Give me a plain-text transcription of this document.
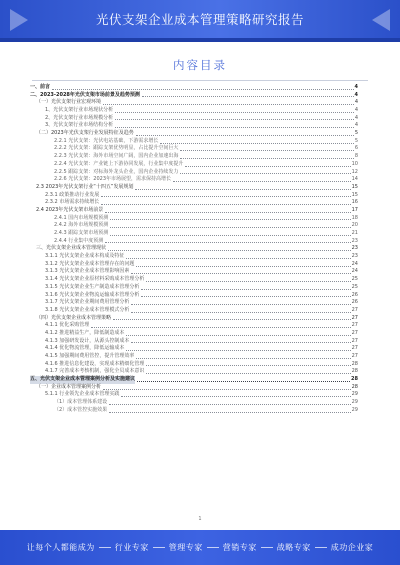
光伏支架企业成本管理策略研究报告
内容目录
一、前言	4
二、2023-2028年光伏支架市场前景及趋势预测	4
（一）光伏支架行业宏观环境	4
1、光伏支架行业市场现状分析	4
2、光伏支架行业市场规模分析	4
3、光伏支架行业市场结构分析	4
（二）2023年光伏支架行业发展特征及趋势	5
2.2.1 光伏支架：光伏电站基础，下游需求增长	5
2.2.2 光伏支架：跟踪支架优势明显，占比提升空间巨大	6
2.2.3 光伏支架：海外市场空间广阔，国内企业加速出海	8
2.2.4 光伏支架：产业链上下游协同发展，行业集中度提升	10
2.2.5 跟踪支架：对标海外龙头企业，国内企业持续发力	12
2.2.6 光伏支架：2023年市场展望，需求保持高增长	14
2.3 2023年光伏支架行业“十四五”发展规划	15
2.3.1 政策推动行业发展	15
2.3.2 市场需求持续增长	16
2.4 2023年光伏支架市场前景	17
2.4.1 国内市场规模预测	18
2.4.2 海外市场规模预测	20
2.4.3 跟踪支架市场预测	21
2.4.4 行业集中度预测	23
三、光伏支架企业成本管理现状	23
3.1.1 光伏支架企业成本构成及特征	23
3.1.2 光伏支架企业成本管理存在的问题	24
3.1.3 光伏支架企业成本管理影响因素	24
3.1.4 光伏支架企业原材料采购成本管理分析	25
3.1.5 光伏支架企业生产制造成本管理分析	25
3.1.6 光伏支架企业物流运输成本管理分析	26
3.1.7 光伏支架企业期间费用管理分析	26
3.1.8 光伏支架企业成本管理模式分析	27
（四）光伏支架企业成本管理策略	27
4.1.1 优化采购管理	27
4.1.2 推进精益生产，降低制造成本	27
4.1.3 加强研发设计，从源头控制成本	27
4.1.4 优化物流管理，降低运输成本	27
4.1.5 加强期间费用管控，提升管理效率	27
4.1.6 推进信息化建设，实现成本精细化管理	28
4.1.7 完善成本考核机制，强化全员成本意识	28
五、光伏支架企业成本管理案例分析及实施建议	28
（一）企业成本管理案例分析	28
5.1.1 行业领先企业成本管理实践	29
（1）成本管理体系建设	29
（2）成本管控实施效果	29
1
让每个人都能成为	行业专家	管理专家	营销专家	战略专家	成功企业家
